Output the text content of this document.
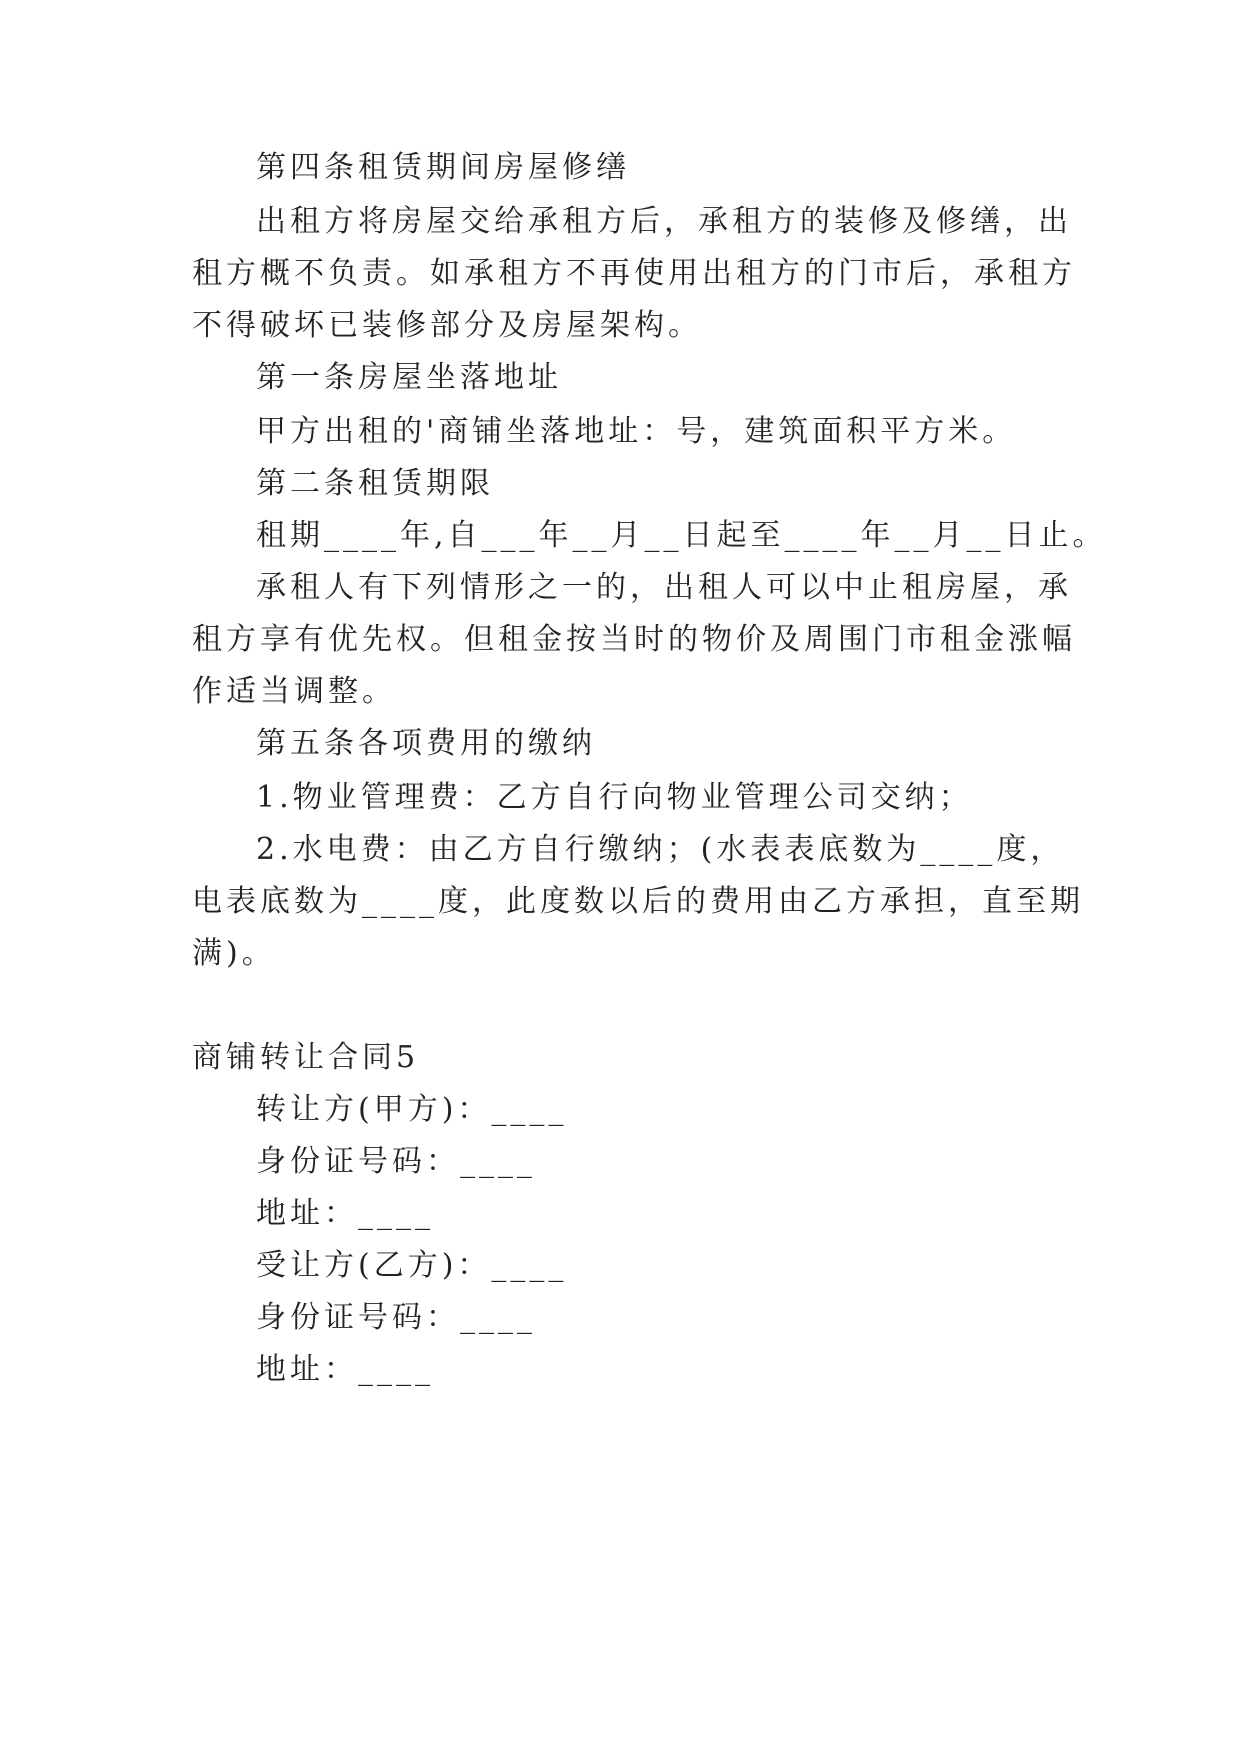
第四条租赁期间房屋修缮
出租方将房屋交给承租方后，承租方的装修及修缮，出
租方概不负责。如承租方不再使用出租方的门市后，承租方
不得破坏已装修部分及房屋架构。
第一条房屋坐落地址
甲方出租的'商铺坐落地址：号，建筑面积平方米。
第二条租赁期限
租期____年,自___年__月__日起至____年__月__日止。
承租人有下列情形之一的，出租人可以中止租房屋，承
租方享有优先权。但租金按当时的物价及周围门市租金涨幅
作适当调整。
第五条各项费用的缴纳
1.物业管理费：乙方自行向物业管理公司交纳；
2.水电费：由乙方自行缴纳；(水表表底数为____度，
电表底数为____度，此度数以后的费用由乙方承担，直至期
满)。
商铺转让合同5
转让方(甲方)：____
身份证号码：____
地址：____
受让方(乙方)：____
身份证号码：____
地址：____
